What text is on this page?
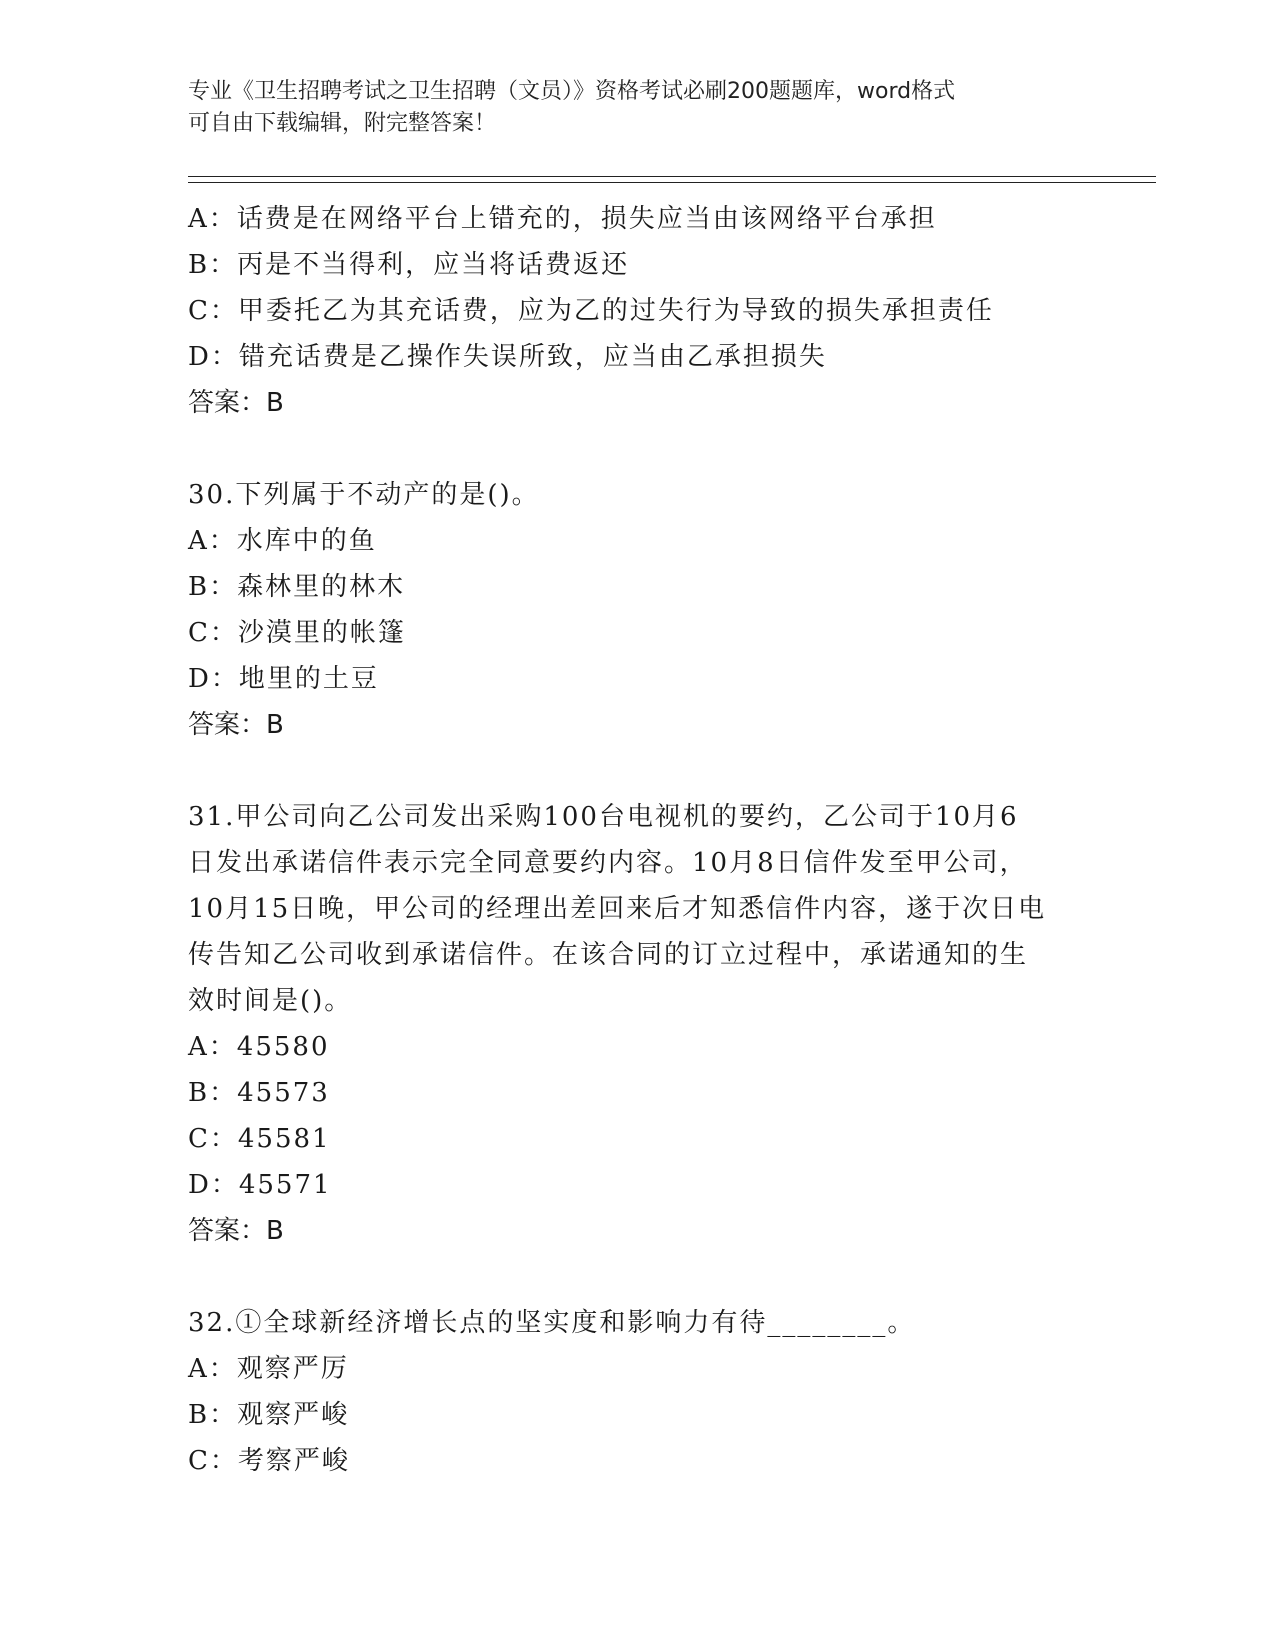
专业《卫生招聘考试之卫生招聘（文员）》资格考试必刷200题题库，word格式
可自由下载编辑，附完整答案！
A：话费是在网络平台上错充的，损失应当由该网络平台承担
B：丙是不当得利，应当将话费返还
C：甲委托乙为其充话费，应为乙的过失行为导致的损失承担责任
D：错充话费是乙操作失误所致，应当由乙承担损失
答案：B
30.下列属于不动产的是()。
A：水库中的鱼
B：森林里的林木
C：沙漠里的帐篷
D：地里的土豆
答案：B
31.甲公司向乙公司发出采购100台电视机的要约，乙公司于10月6
日发出承诺信件表示完全同意要约内容。10月8日信件发至甲公司，
10月15日晚，甲公司的经理出差回来后才知悉信件内容，遂于次日电
传告知乙公司收到承诺信件。在该合同的订立过程中，承诺通知的生
效时间是()。
A：45580
B：45573
C：45581
D：45571
答案：B
32.①全球新经济增长点的坚实度和影响力有待________。
A：观察严厉
B：观察严峻
C：考察严峻
